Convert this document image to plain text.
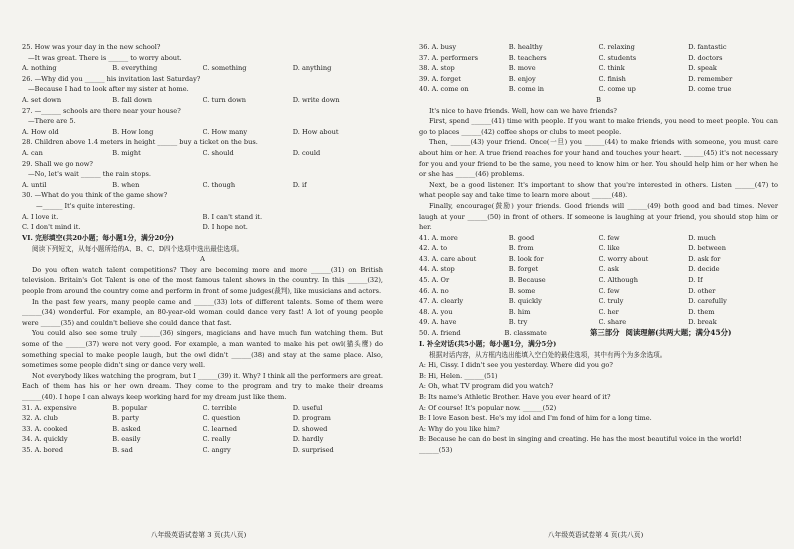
25. How was your day in the new school?
—It was great. There is ______ to worry about.
A. nothing	B. everything	C. something	D. anything
26. —Why did you ______ his invitation last Saturday?
—Because I had to look after my sister at home.
A. set down	B. fall down	C. turn down	D. write down
27. —______ schools are there near your house?
—There are 5.
A. How old	B. How long	C. How many	D. How about
28. Children above 1.4 meters in height ______ buy a ticket on the bus.
A. can	B. might	C. should	D. could
29. Shall we go now?
—No, let's wait ______ the rain stops.
A. until	B. when	C. though	D. if
30. —What do you think of the game show?
—______ It's quite interesting.
A. I love it.	B. I can't stand it.
C. I don't mind it.	D. I hope not.
VI. 完形填空(共20小题；每小题1分，满分20分)
阅读下列短文，从每小题所给的A、B、C、D四个选项中选出最佳选项。
A
Do you often watch talent competitions? They are becoming more and more ______(31) on British television. Britain's Got Talent is one of the most famous talent shows in the country. In this ______(32), people from around the country come and perform in front of some judges(裁判), like musicians and actors.
In the past few years, many people came and ______(33) lots of different talents. Some of them were ______(34) wonderful. For example, an 80-year-old woman could dance very fast! A lot of young people were ______(35) and couldn't believe she could dance that fast.
You could also see some truly ______(36) singers, magicians and have much fun watching them. But some of the ______(37) were not very good. For example, a man wanted to make his pet owl(猫头鹰) do something special to make people laugh, but the owl didn't ______(38) and stay at the same place. Also, sometimes some people didn't sing or dance very well.
Not everybody likes watching the program, but I ______(39) it. Why? I think all the performers are great. Each of them has his or her own dream. They come to the program and try to make their dreams ______(40). I hope I can always keep working hard for my dream just like them.
31. A. expensive	B. popular	C. terrible	D. useful
32. A. club	B. party	C. question	D. program
33. A. cooked	B. asked	C. learned	D. showed
34. A. quickly	B. easily	C. really	D. hardly
35. A. bored	B. sad	C. angry	D. surprised
八年级英语试卷第 3 页(共八页)
36. A. busy	B. healthy	C. relaxing	D. fantastic
37. A. performers	B. teachers	C. students	D. doctors
38. A. stop	B. move	C. think	D. speak
39. A. forget	B. enjoy	C. finish	D. remember
40. A. come on	B. come in	C. come up	D. come true
B
It's nice to have friends. Well, how can we have friends?
First, spend ______(41) time with people. If you want to make friends, you need to meet people. You can go to places ______(42) coffee shops or clubs to meet people.
Then, ______(43) your friend. Once(一旦) you ______(44) to make friends with someone, you must care about him or her. A true friend reaches for your hand and touches your heart. ______(45) it's not necessary for you and your friend to be the same, you need to know him or her. You should help him or her when he or she has ______(46) problems.
Next, be a good listener. It's important to show that you're interested in others. Listen ______(47) to what people say and take time to learn more about ______(48).
Finally, encourage(鼓励) your friends. Good friends will ______(49) both good and bad times. Never laugh at your ______(50) in front of others. If someone is laughing at your friend, you should stop him or her.
41. A. more	B. good	C. few	D. much
42. A. to	B. from	C. like	D. between
43. A. care about	B. look for	C. worry about	D. ask for
44. A. stop	B. forget	C. ask	D. decide
45. A. Or	B. Because	C. Although	D. If
46. A. no	B. some	C. few	D. other
47. A. clearly	B. quickly	C. truly	D. carefully
48. A. you	B. him	C. her	D. them
49. A. have	B. try	C. share	D. break
50. A. friend	B. classmate	第三部分 阅读理解(共两大题；满分45分)
I. 补全对话(共5小题；每小题1分，满分5分)
根据对话内容，从方框内选出能填入空白处的最佳选项，其中有两个为多余选项。
A: Hi, Cissy. I didn't see you yesterday. Where did you go?
B: Hi, Helen. ______(51)
A: Oh, what TV program did you watch?
B: Its name's Athletic Brother. Have you ever heard of it?
A: Of course! It's popular now. ______(52)
B: I love Eason best. He's my idol and I'm fond of him for a long time.
A: Why do you like him?
B: Because he can do best in singing and creating. He has the most beautiful voice in the world!
______(53)
八年级英语试卷第 4 页(共八页)
